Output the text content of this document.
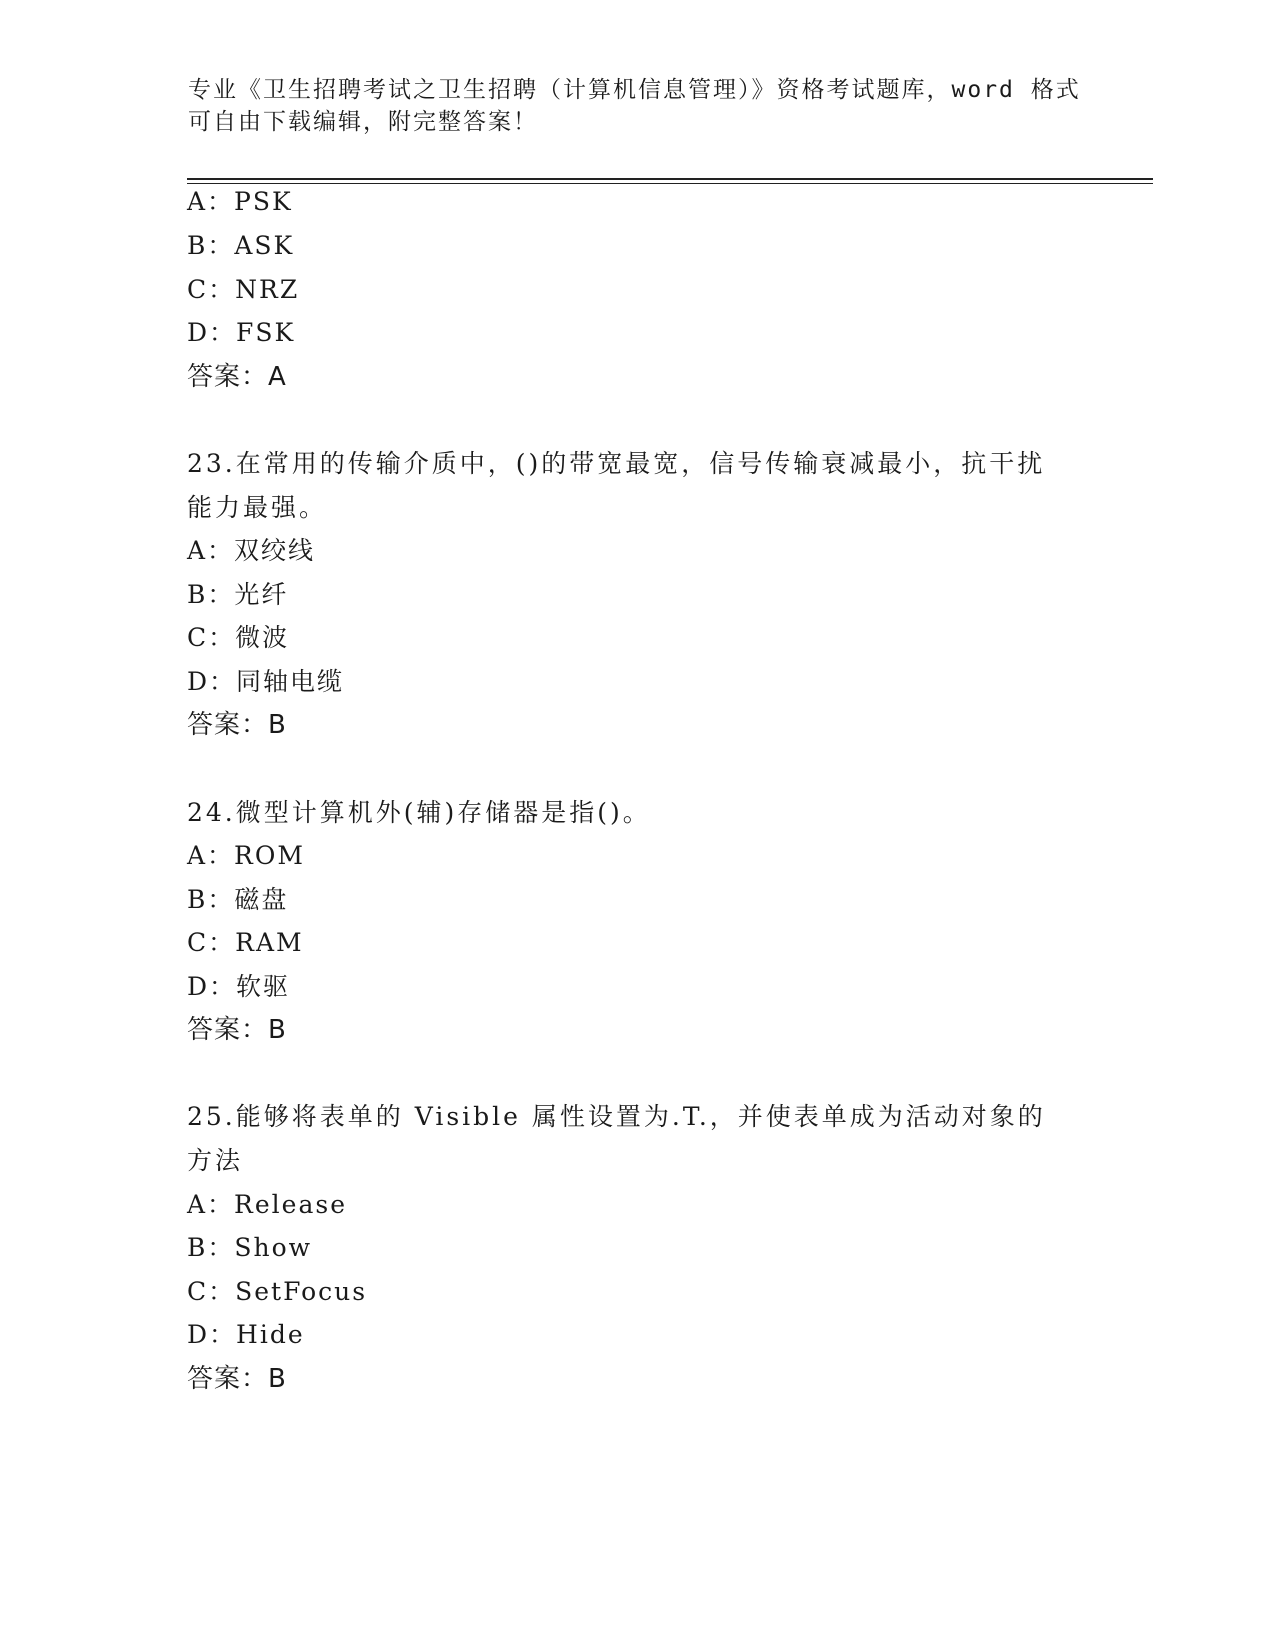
专业《卫生招聘考试之卫生招聘（计算机信息管理）》资格考试题库，word 格式
可自由下载编辑，附完整答案！
A：PSK
B：ASK
C：NRZ
D：FSK
答案：A
23.在常用的传输介质中，()的带宽最宽，信号传输衰减最小，抗干扰
能力最强。
A：双绞线
B：光纤
C：微波
D：同轴电缆
答案：B
24.微型计算机外(辅)存储器是指()。
A：ROM
B：磁盘
C：RAM
D：软驱
答案：B
25.能够将表单的 Visible 属性设置为.T.，并使表单成为活动对象的
方法
A：Release
B：Show
C：SetFocus
D：Hide
答案：B
